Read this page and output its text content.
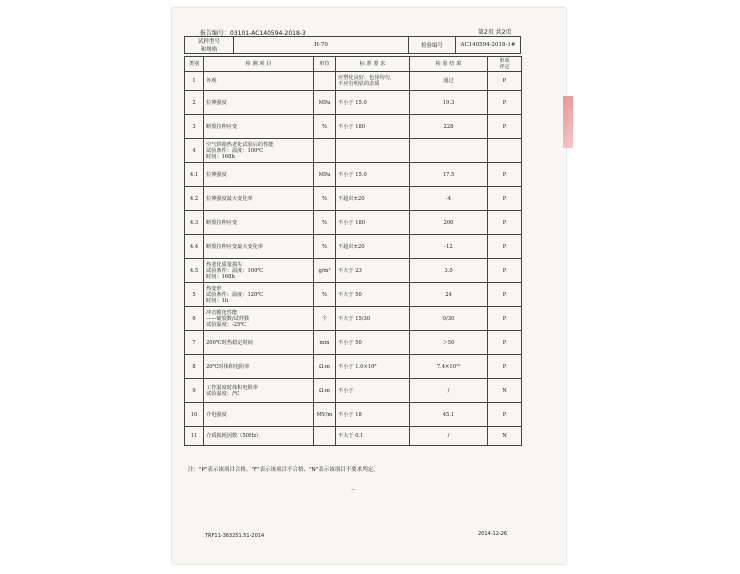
报告编号：03101-AC140594-2018-3	第2页 共2页
试样型号
和规格	H-70	检验编号	AC140594-2018-1#
类别	检 测 项 目	单位	标 准 要 求	检 验 结 果	单项
评定
1	外观		应塑化良好、色泽均匀，
不应有明显的杂质	通过	P
2	拉伸强度	MPa	不小于 15.0	19.3	P
3	断裂拉伸应变	%	不小于 180	228	P
4	空气烘箱热老化试验后的性能
试验条件：温度：100℃
时间：168h				
4.1	拉伸强度	MPa	不小于 15.0	17.5	P
4.2	拉伸强度最大变化率	%	不超出±20	-4	P
4.3	断裂拉伸应变	%	不小于 180	200	P
4.4	断裂拉伸应变最大变化率	%	不超出±20	-12	P
4.5	热老化质量损失
试验条件：温度：100℃
时间：168h	g/m²	不大于 23	3.0	P
5	热变形
试验条件：温度：120℃
时间：1h	%	不大于 50	24	P
6	冲击脆化性能
——破裂数/试样数
试验温度：-25℃	个	不大于 15/30	0/30	P
7	200℃时热稳定时间	min	不小于 50	＞50	P
8	20℃时体积电阻率	Ω·m	不小于 1.0×10⁸	7.4×10¹⁰	P
9	工作温度时体积电阻率
试验温度：/℃	Ω·m	不小于	/	N
10	介电强度	MV/m	不小于 18	45.1	P
11	介质损耗因数（50Hz）		不大于 0.1	/	N
注："P"表示该项目合格、"F"表示该项目不合格、"N"表示该项目不要求判定。
~
TRF11-363251.51-2014	2014-12-26
